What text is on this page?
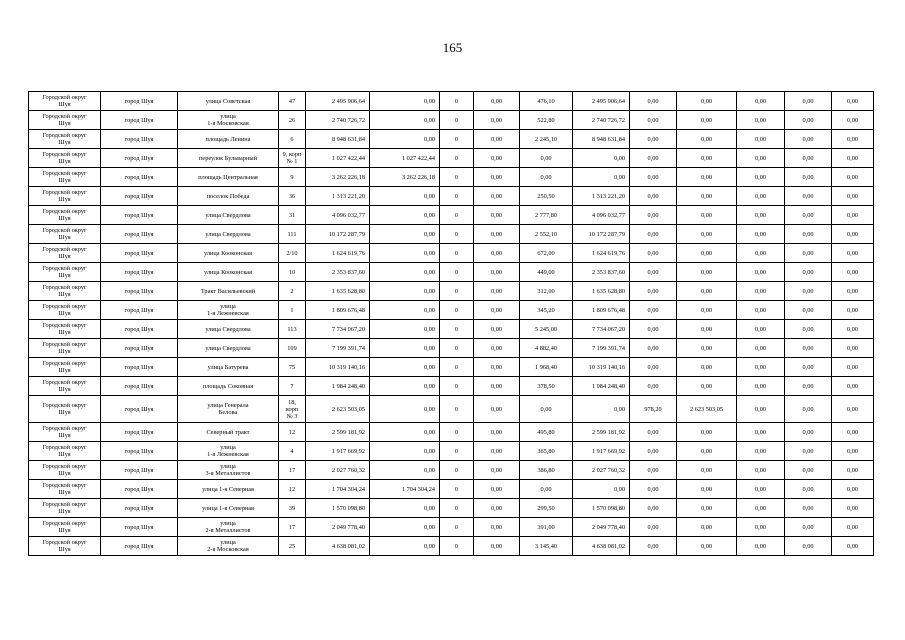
165
Городской округ
Шуя	город Шуя	улица Советская	47	2 495 906,64	0,00	0	0,00	476,10	2 495 906,64	0,00	0,00	0,00	0,00	0,00
Городской округ
Шуя	город Шуя	улица
1-я Московская	26	2 740 726,72	0,00	0	0,00	522,80	2 740 726,72	0,00	0,00	0,00	0,00	0,00
Городской округ
Шуя	город Шуя	площадь Ленина	6	8 948 631,84	0,00	0	0,00	2 245,10	8 948 631,84	0,00	0,00	0,00	0,00	0,00
Городской округ
Шуя	город Шуя	переулок Бульварный	9, корп
№ 1	1 027 422,44	1 027 422,44	0	0,00	0,00	0,00	0,00	0,00	0,00	0,00	0,00
Городской округ
Шуя	город Шуя	площадь Центральная	9	3 262 226,18	3 262 226,18	0	0,00	0,00	0,00	0,00	0,00	0,00	0,00	0,00
Городской округ
Шуя	город Шуя	поселок Победа	36	1 313 221,20	0,00	0	0,00	250,50	1 313 221,20	0,00	0,00	0,00	0,00	0,00
Городской округ
Шуя	город Шуя	улица Свердлова	31	4 096 032,77	0,00	0	0,00	2 777,80	4 096 032,77	0,00	0,00	0,00	0,00	0,00
Городской округ
Шуя	город Шуя	улица Свердлова	111	10 172 287,79	0,00	0	0,00	2 552,10	10 172 287,79	0,00	0,00	0,00	0,00	0,00
Городской округ
Шуя	город Шуя	улица Кооконская	2/10	1 624 619,76	0,00	0	0,00	672,00	1 624 619,76	0,00	0,00	0,00	0,00	0,00
Городской округ
Шуя	город Шуя	улица Кооконская	10	2 353 837,60	0,00	0	0,00	449,00	2 353 837,60	0,00	0,00	0,00	0,00	0,00
Городской округ
Шуя	город Шуя	Тракт Васильевский	2	1 635 628,80	0,00	0	0,00	312,00	1 635 628,80	0,00	0,00	0,00	0,00	0,00
Городской округ
Шуя	город Шуя	улица
1-я Лежневская	1	1 809 676,48	0,00	0	0,00	345,20	1 809 676,48	0,00	0,00	0,00	0,00	0,00
Городской округ
Шуя	город Шуя	улица Свердлова	113	7 734 067,20	0,00	0	0,00	5 245,00	7 734 067,20	0,00	0,00	0,00	0,00	0,00
Городской округ
Шуя	город Шуя	улица Свердлова	109	7 199 391,74	0,00	0	0,00	4 882,40	7 199 391,74	0,00	0,00	0,00	0,00	0,00
Городской округ
Шуя	город Шуя	улица Батурева	75	10 319 140,16	0,00	0	0,00	1 968,40	10 319 140,16	0,00	0,00	0,00	0,00	0,00
Городской округ
Шуя	город Шуя	площадь Соковная	7	1 984 248,40	0,00	0	0,00	378,50	1 984 248,40	0,00	0,00	0,00	0,00	0,00
Городской округ
Шуя	город Шуя	улица Генерала
Белова	18,
корп
№ 3	2 623 503,05	0,00	0	0,00	0,00	0,00	978,20	2 623 503,05	0,00	0,00	0,00
Городской округ
Шуя	город Шуя	Северный тракт	12	2 599 181,92	0,00	0	0,00	495,80	2 599 181,92	0,00	0,00	0,00	0,00	0,00
Городской округ
Шуя	город Шуя	улица
1-я Лежневская	4	1 917 669,92	0,00	0	0,00	365,80	1 917 669,92	0,00	0,00	0,00	0,00	0,00
Городской округ
Шуя	город Шуя	улица
3-я Металлистов	17	2 027 760,32	0,00	0	0,00	386,80	2 027 760,32	0,00	0,00	0,00	0,00	0,00
Городской округ
Шуя	город Шуя	улица 1-я Северная	12	1 704 304,24	1 704 304,24	0	0,00	0,00	0,00	0,00	0,00	0,00	0,00	0,00
Городской округ
Шуя	город Шуя	улица 1-я Северная	39	1 570 098,80	0,00	0	0,00	299,50	1 570 098,80	0,00	0,00	0,00	0,00	0,00
Городской округ
Шуя	город Шуя	улица
2-я Металлистов	17	2 049 778,40	0,00	0	0,00	391,00	2 049 778,40	0,00	0,00	0,00	0,00	0,00
Городской округ
Шуя	город Шуя	улица
2-я Московская	25	4 638 081,02	0,00	0	0,00	3 145,40	4 638 081,02	0,00	0,00	0,00	0,00	0,00
